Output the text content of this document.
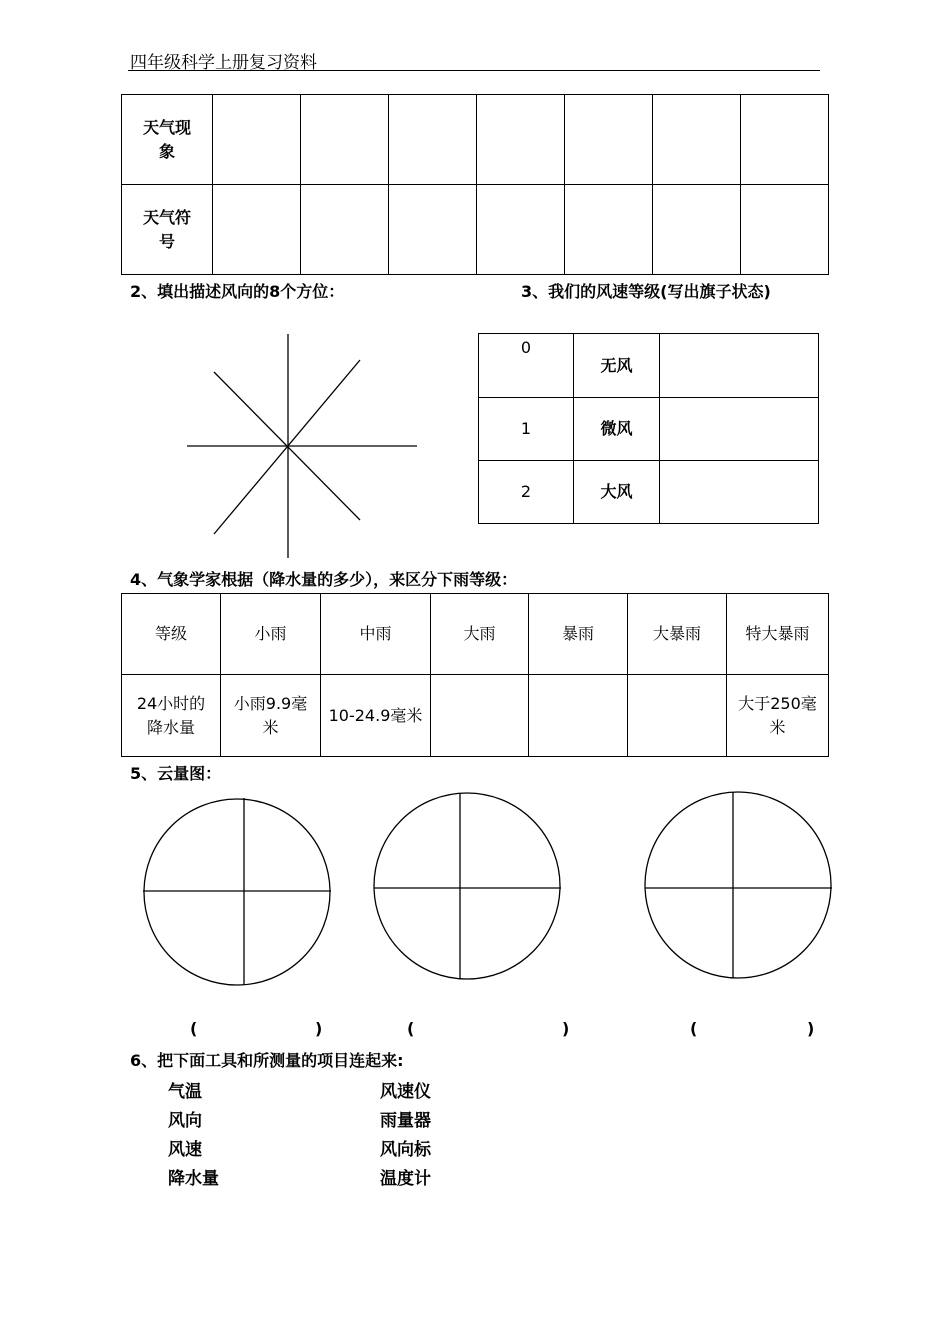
四年级科学上册复习资料
天气现象							

天气符号							

2、填出描述风向的8个方位：	3、我们的风速等级(写出旗子状态)
0	无风	
1	微风	
2	大风	
4、气象学家根据（降水量的多少），来区分下雨等级：
等级	小雨	中雨	大雨	暴雨	大暴雨	特大暴雨

24小时的降水量	小雨9.9毫米	10-24.9毫米				大于250毫米
5、云量图：
(	)	(	)	(	)
6、把下面工具和所测量的项目连起来:
气温
风向
风速
降水量
风速仪
雨量器
风向标
温度计
